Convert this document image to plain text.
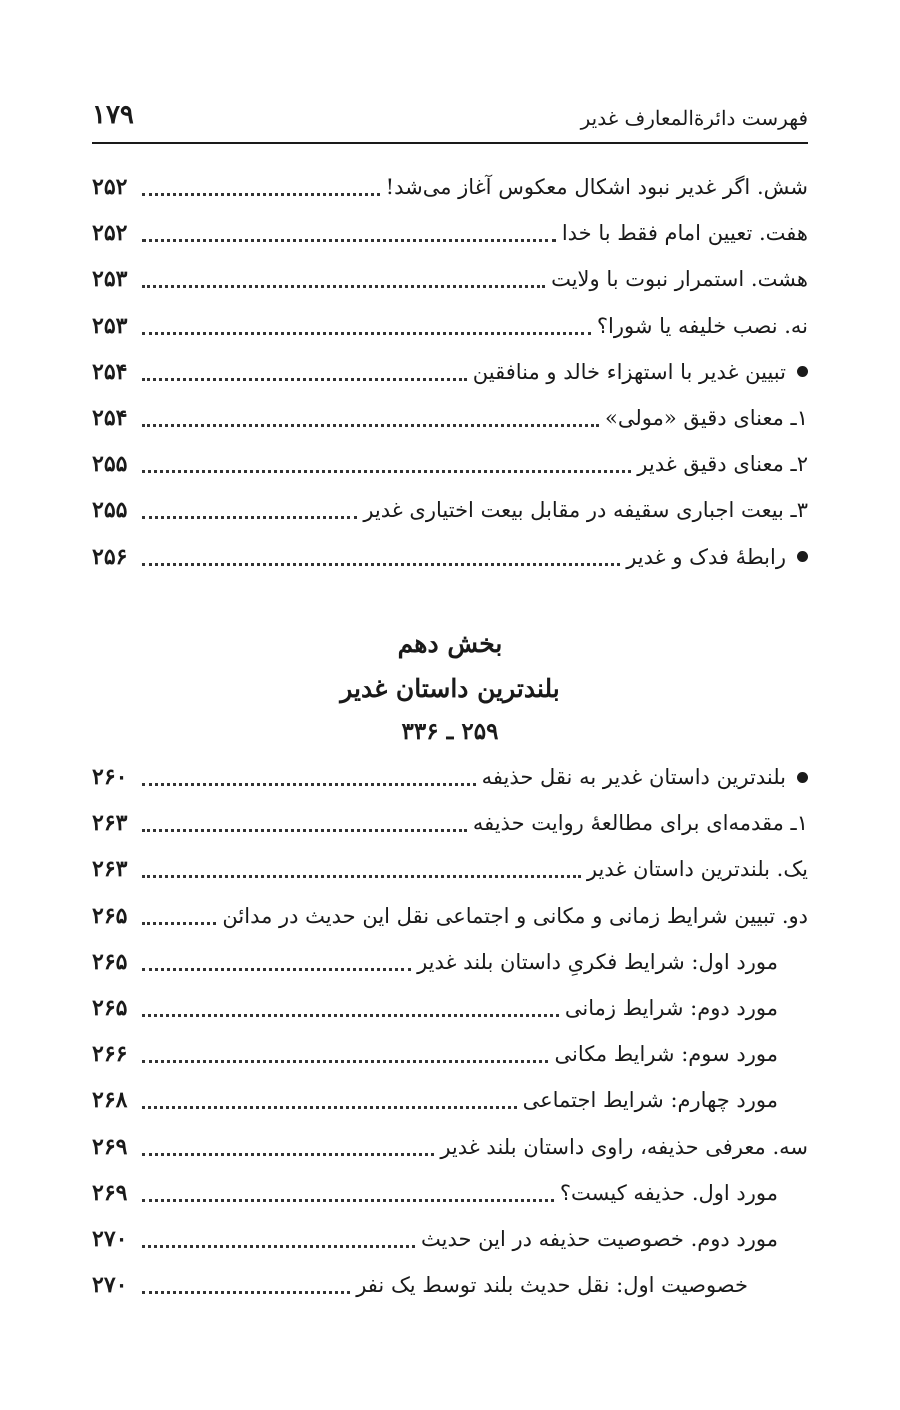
فهرست دائرةالمعارف غدیر
۱۷۹
شش. اگر غدیر نبود اشکال معکوس آغاز می‌شد!
۲۵۲
هفت. تعیین امام فقط با خدا
۲۵۲
هشت. استمرار نبوت با ولایت
۲۵۳
نه. نصب خلیفه یا شورا؟
۲۵۳
تبیین غدیر با استهزاء خالد و منافقین
۲۵۴
۱ـ معنای دقیق «مولی»
۲۵۴
۲ـ معنای دقیق غدیر
۲۵۵
۳ـ بیعت اجباری سقیفه در مقابل بیعت اختیاری غدیر
۲۵۵
رابطۀ فدک و غدیر
۲۵۶
بخش دهم
بلندترین داستان غدیر
۲۵۹ ـ ۳۳۶
بلندترین داستان غدیر به نقل حذیفه
۲۶۰
۱ـ مقدمه‌ای برای مطالعۀ روایت حذیفه
۲۶۳
یک. بلندترین داستان غدیر
۲۶۳
دو. تبیین شرایط زمانی و مکانی و اجتماعی نقل این حدیث در مدائن
۲۶۵
مورد اول: شرایط فکریِ داستان بلند غدیر
۲۶۵
مورد دوم: شرایط زمانی
۲۶۵
مورد سوم: شرایط مکانی
۲۶۶
مورد چهارم: شرایط اجتماعی
۲۶۸
سه. معرفی حذیفه، راوی داستان بلند غدیر
۲۶۹
مورد اول. حذیفه کیست؟
۲۶۹
مورد دوم. خصوصیت حذیفه در این حدیث
۲۷۰
خصوصیت اول: نقل حدیث بلند توسط یک نفر
۲۷۰
